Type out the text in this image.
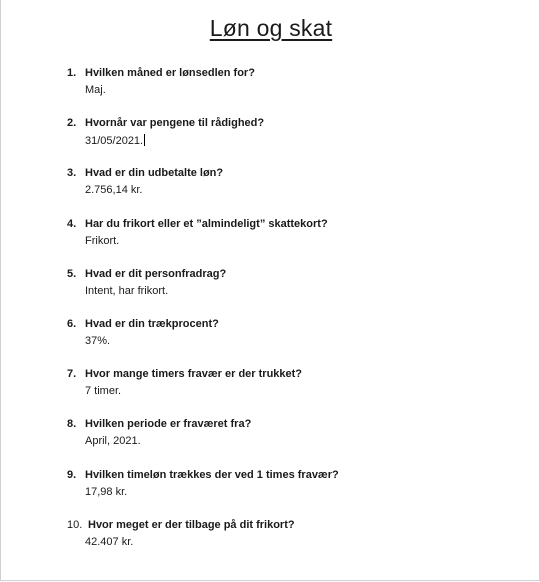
Løn og skat
1. Hvilken måned er lønsedlen for?
Maj.
2. Hvornår var pengene til rådighed?
31/05/2021.
3. Hvad er din udbetalte løn?
2.756,14 kr.
4. Har du frikort eller et ”almindeligt” skattekort?
Frikort.
5. Hvad er dit personfradrag?
Intent, har frikort.
6. Hvad er din trækprocent?
37%.
7. Hvor mange timers fravær er der trukket?
7 timer.
8. Hvilken periode er fraværet fra?
April, 2021.
9. Hvilken timeløn trækkes der ved 1 times fravær?
17,98 kr.
10. Hvor meget er der tilbage på dit frikort?
42.407 kr.
